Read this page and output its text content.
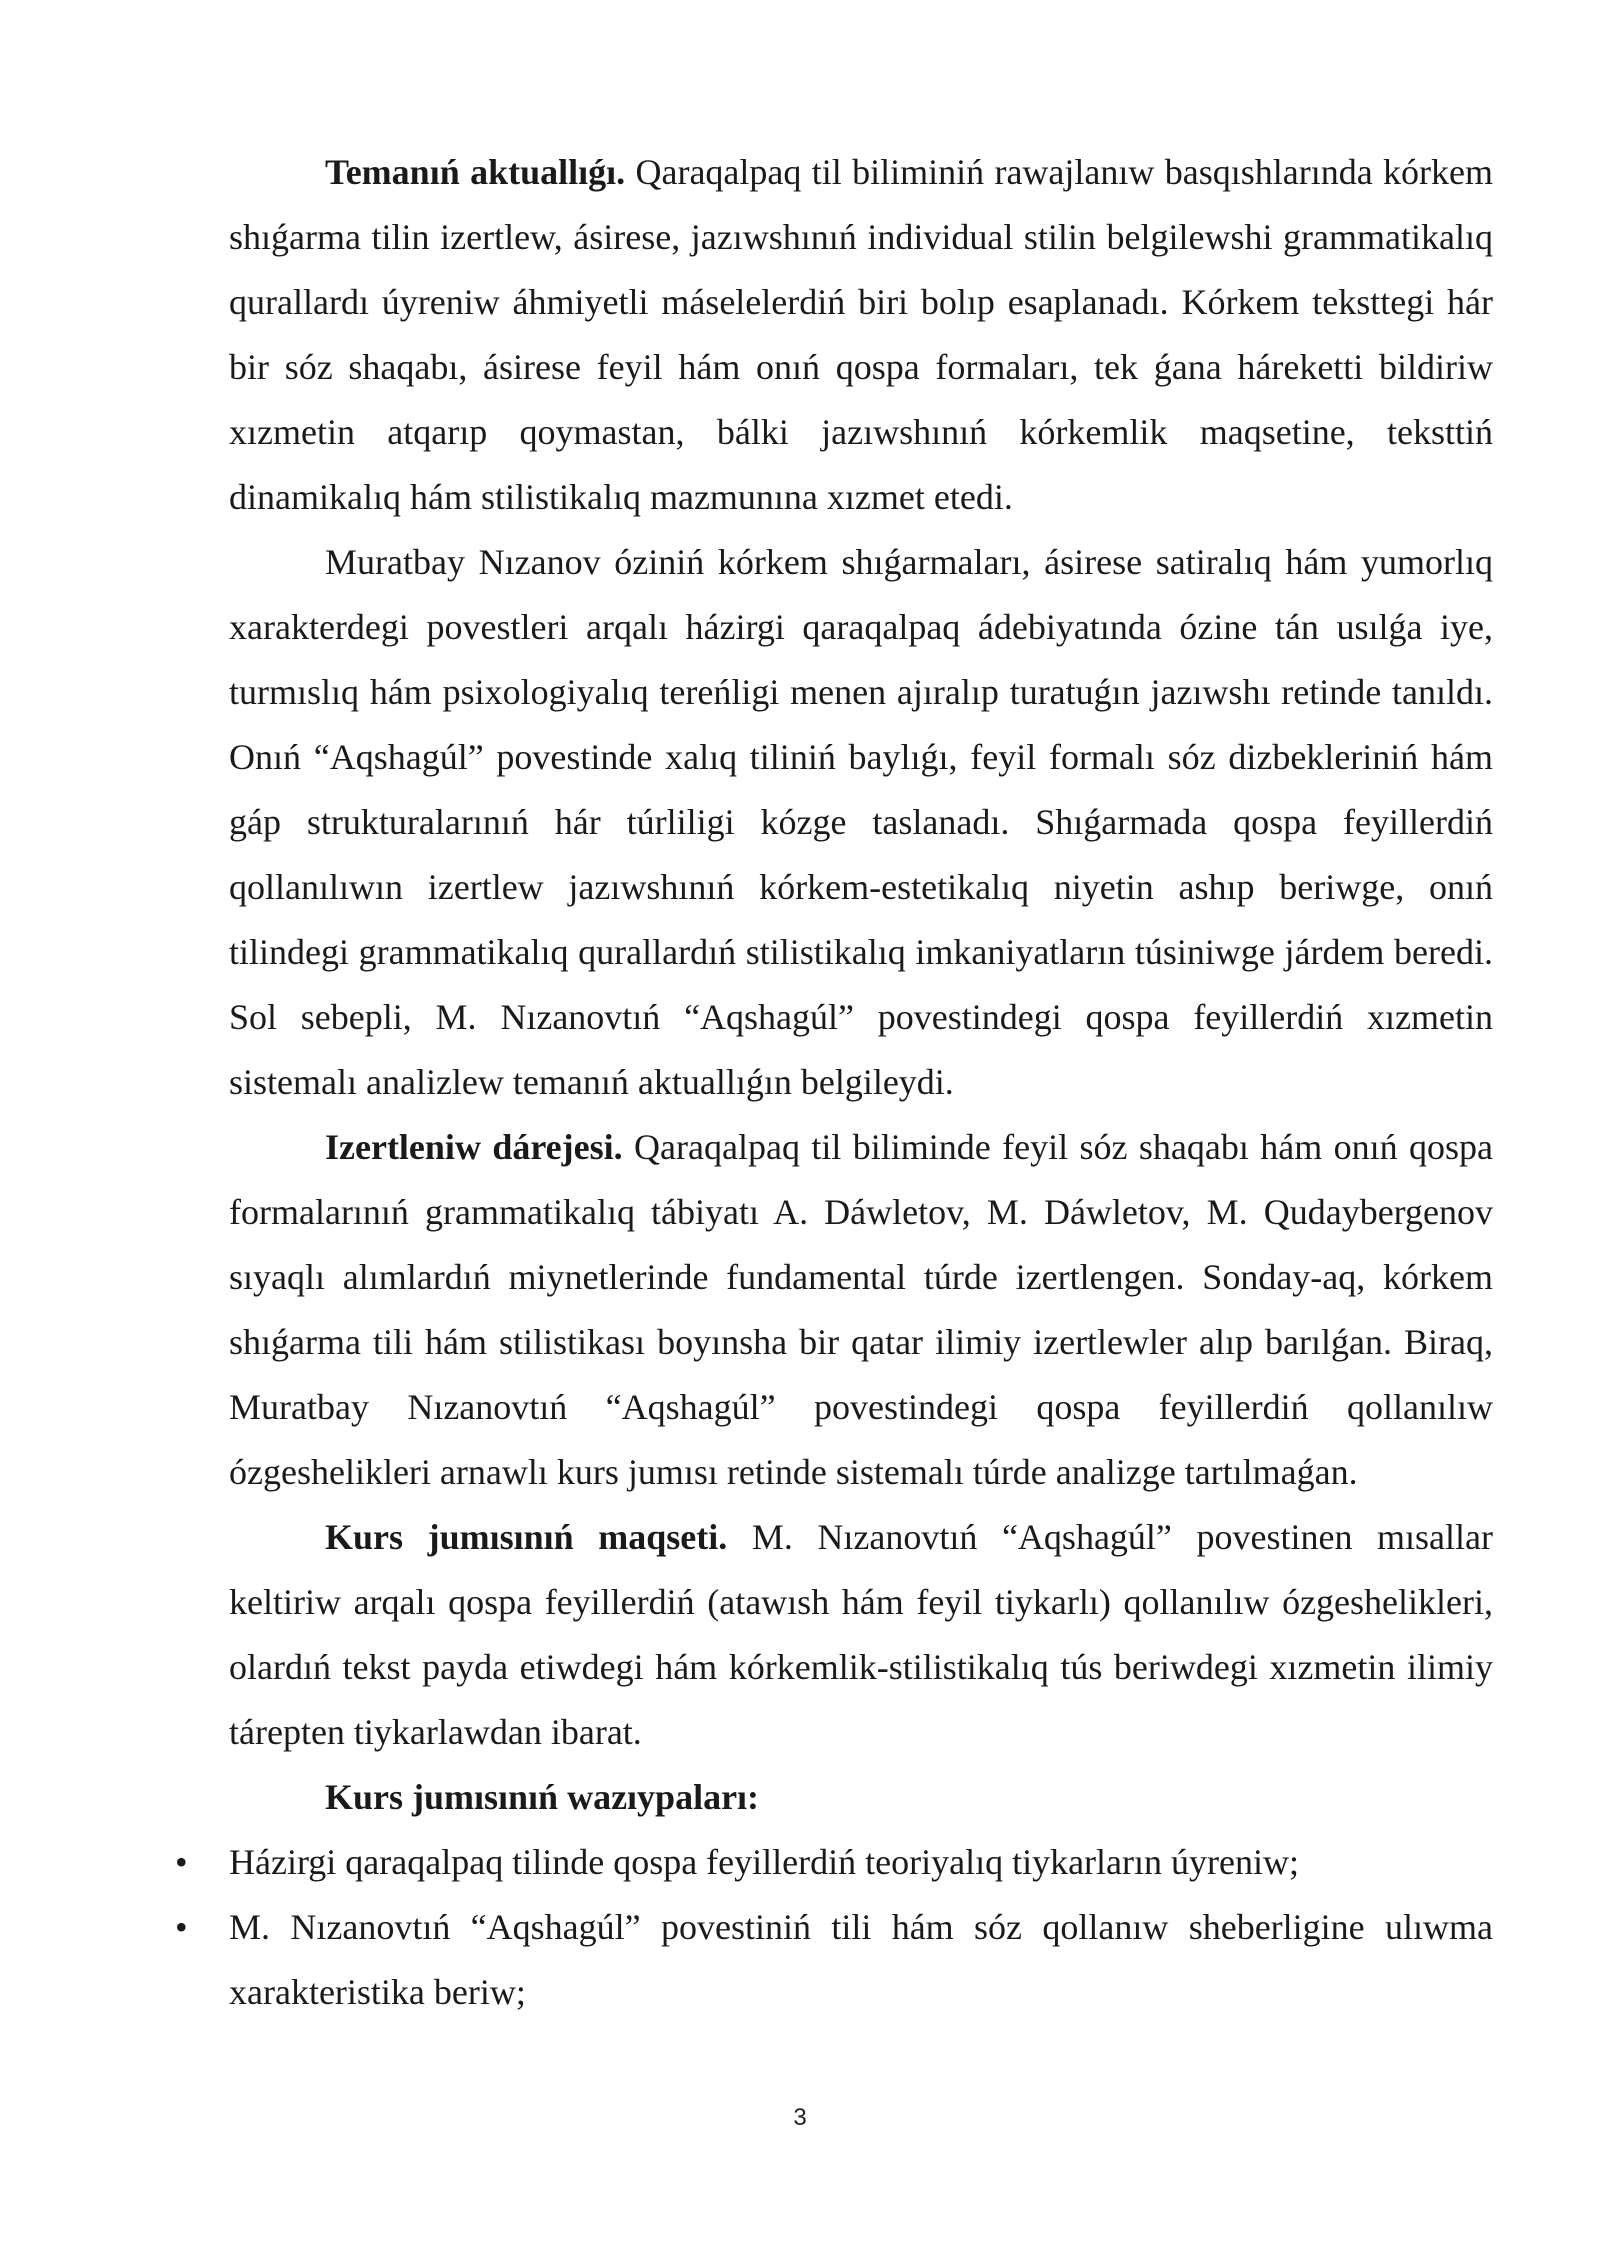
Temanıń aktuallıǵı. Qaraqalpaq til biliminiń rawajlanıw basqıshlarında kórkem shıǵarma tilin izertlew, ásirese, jazıwshınıń individual stilin belgilewshi grammatikalıq qurallardı úyreniw áhmiyetli máselelerdiń biri bolıp esaplanadı. Kórkem teksttegi hár bir sóz shaqabı, ásirese feyil hám onıń qospa formaları, tek ǵana háreketti bildiriw xızmetin atqarıp qoymastan, bálki jazıwshınıń kórkemlik maqsetine, teksttiń dinamikalıq hám stilistikalıq mazmunına xızmet etedi.

Muratbay Nızanov óziniń kórkem shıǵarmaları, ásirese satiralıq hám yumorlıq xarakterdegi povestleri arqalı házirgi qaraqalpaq ádebiyatında ózine tán usılǵa iye, turmıslıq hám psixologiyalıq tereńligi menen ajıralıp turatuǵın jazıwshı retinde tanıldı. Onıń “Aqshagúl” povestinde xalıq tiliniń baylıǵı, feyil formalı sóz dizbekleriniń hám gáp strukturalarınıń hár túrliligi kózge taslanadı. Shıǵarmada qospa feyillerdiń qollanılıwın izertlew jazıwshınıń kórkem-estetikalıq niyetin ashıp beriwge, onıń tilindegi grammatikalıq qurallardıń stilistikalıq imkaniyatların túsiniwge járdem beredi. Sol sebepli, M. Nızanovtıń “Aqshagúl” povestindegi qospa feyillerdiń xızmetin sistemalı analizlew temanıń aktuallıǵın belgileydi.

Izertleniw dárejesi. Qaraqalpaq til biliminde feyil sóz shaqabı hám onıń qospa formalarınıń grammatikalıq tábiyatı A. Dáwletov, M. Dáwletov, M. Qudaybergenov sıyaqlı alımlardıń miynetlerinde fundamental túrde izertlengen. Sonday-aq, kórkem shıǵarma tili hám stilistikası boyınsha bir qatar ilimiy izertlewler alıp barılǵan. Biraq, Muratbay Nızanovtıń “Aqshagúl” povestindegi qospa feyillerdiń qollanılıw ózgeshelikleri arnawlı kurs jumısı retinde sistemalı túrde analizge tartılmaǵan.

Kurs jumısınıń maqseti. M. Nızanovtıń “Aqshagúl” povestinen mısallar keltiriw arqalı qospa feyillerdiń (atawısh hám feyil tiykarlı) qollanılıw ózgeshelikleri, olardıń tekst payda etiwdegi hám kórkemlik-stilistikalıq tús beriwdegi xızmetin ilimiy tárepten tiykarlawdan ibarat.

Kurs jumısınıń wazıypaları:

• Házirgi qaraqalpaq tilinde qospa feyillerdiń teoriyalıq tiykarların úyreniw;
• M. Nızanovtıń “Aqshagúl” povestiniń tili hám sóz qollanıw sheberligine ulıwma xarakteristika beriw;
3
